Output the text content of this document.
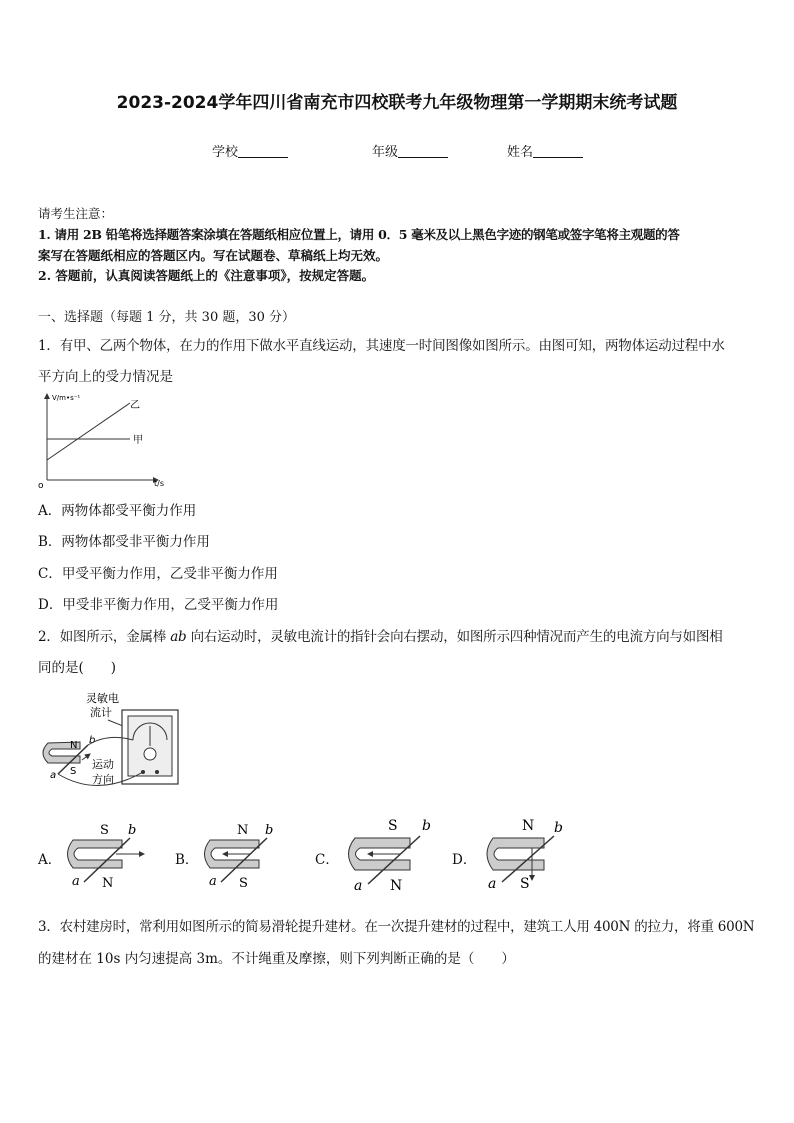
2023-2024学年四川省南充市四校联考九年级物理第一学期期末统考试题
学校	年级	姓名
请考生注意：
1. 请用 2B 铅笔将选择题答案涂填在答题纸相应位置上，请用 0．5 毫米及以上黑色字迹的钢笔或签字笔将主观题的答
案写在答题纸相应的答题区内。写在试题卷、草稿纸上均无效。
2. 答题前，认真阅读答题纸上的《注意事项》，按规定答题。
一、选择题（每题 1 分，共 30 题，30 分）
1．有甲、乙两个物体，在力的作用下做水平直线运动，其速度一时间图像如图所示。由图可知，两物体运动过程中水
平方向上的受力情况是
V/m•s⁻¹
t/s
o
甲
乙
A．两物体都受平衡力作用
B．两物体都受非平衡力作用
C．甲受平衡力作用，乙受非平衡力作用
D．甲受非平衡力作用，乙受平衡力作用
2．如图所示，金属棒 ab 向右运动时，灵敏电流计的指针会向右摆动，如图所示四种情况而产生的电流方向与如图相
同的是(　　)
灵敏电
流计
N
S
a
b
运动
方向
A．
S
N
b
a
B．
N
S
b
a
C．
S
N
b
a
D．
N
S
b
a
3．农村建房时，常利用如图所示的简易滑轮提升建材。在一次提升建材的过程中，建筑工人用 400N 的拉力，将重 600N
的建材在 10s 内匀速提高 3m。不计绳重及摩擦，则下列判断正确的是（　　）
